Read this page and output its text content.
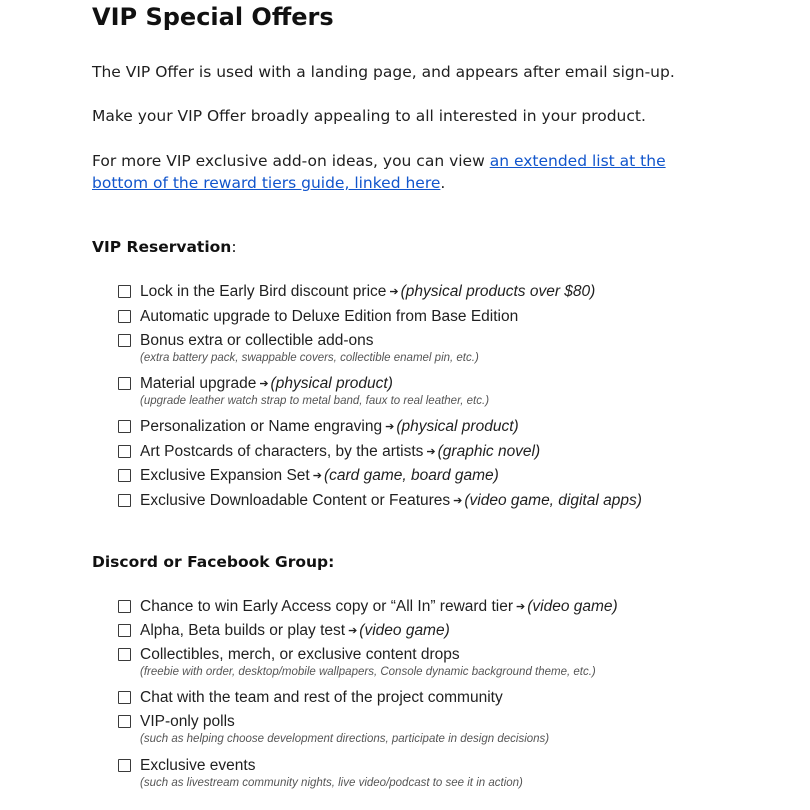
VIP Special Offers

The VIP Offer is used with a landing page, and appears after email sign-up.

Make your VIP Offer broadly appealing to all interested in your product.

For more VIP exclusive add-on ideas, you can view an extended list at the
bottom of the reward tiers guide, linked here.

VIP Reservation:
Lock in the Early Bird discount price ➔ (physical products over $80)
Automatic upgrade to Deluxe Edition from Base Edition
Bonus extra or collectible add-ons
(extra battery pack, swappable covers, collectible enamel pin, etc.)
Material upgrade ➔ (physical product)
(upgrade leather watch strap to metal band, faux to real leather, etc.)
Personalization or Name engraving ➔ (physical product)
Art Postcards of characters, by the artists ➔ (graphic novel)
Exclusive Expansion Set ➔ (card game, board game)
Exclusive Downloadable Content or Features ➔ (video game, digital apps)
Discord or Facebook Group:
Chance to win Early Access copy or “All In” reward tier ➔ (video game)
Alpha, Beta builds or play test ➔ (video game)
Collectibles, merch, or exclusive content drops
(freebie with order, desktop/mobile wallpapers, Console dynamic background theme, etc.)
Chat with the team and rest of the project community
VIP-only polls
(such as helping choose development directions, participate in design decisions)
Exclusive events
(such as livestream community nights, live video/podcast to see it in action)
